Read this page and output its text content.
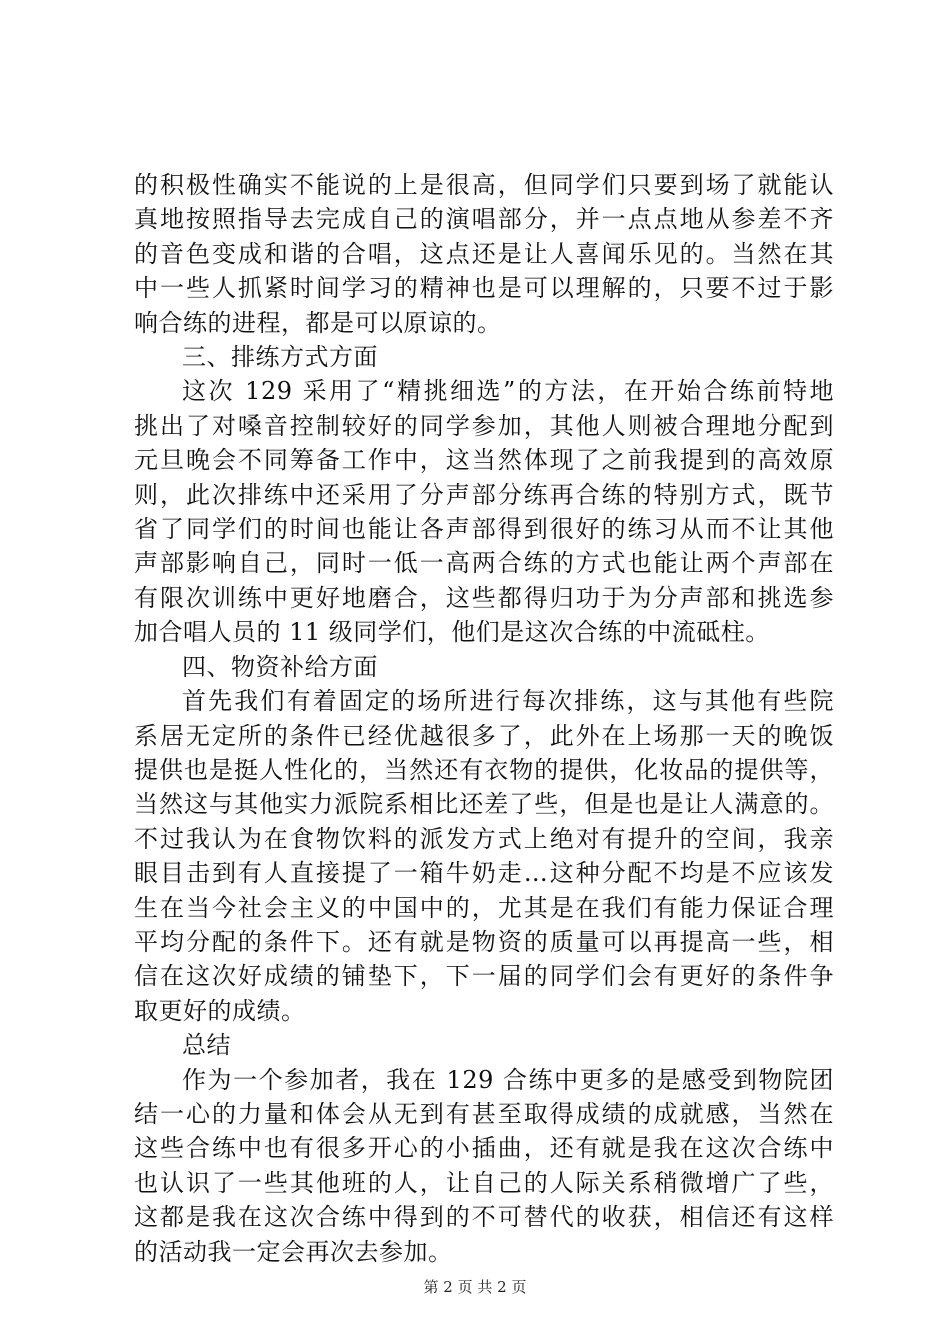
的积极性确实不能说的上是很高，但同学们只要到场了就能认
真地按照指导去完成自己的演唱部分，并一点点地从参差不齐
的音色变成和谐的合唱，这点还是让人喜闻乐见的。当然在其
中一些人抓紧时间学习的精神也是可以理解的，只要不过于影
响合练的进程，都是可以原谅的。
三、排练方式方面
这次 129 采用了“精挑细选”的方法，在开始合练前特地
挑出了对嗓音控制较好的同学参加，其他人则被合理地分配到
元旦晚会不同筹备工作中，这当然体现了之前我提到的高效原
则，此次排练中还采用了分声部分练再合练的特别方式，既节
省了同学们的时间也能让各声部得到很好的练习从而不让其他
声部影响自己，同时一低一高两合练的方式也能让两个声部在
有限次训练中更好地磨合，这些都得归功于为分声部和挑选参
加合唱人员的 11 级同学们，他们是这次合练的中流砥柱。
四、物资补给方面
首先我们有着固定的场所进行每次排练，这与其他有些院
系居无定所的条件已经优越很多了，此外在上场那一天的晚饭
提供也是挺人性化的，当然还有衣物的提供，化妆品的提供等，
当然这与其他实力派院系相比还差了些，但是也是让人满意的。
不过我认为在食物饮料的派发方式上绝对有提升的空间，我亲
眼目击到有人直接提了一箱牛奶走…这种分配不均是不应该发
生在当今社会主义的中国中的，尤其是在我们有能力保证合理
平均分配的条件下。还有就是物资的质量可以再提高一些，相
信在这次好成绩的铺垫下，下一届的同学们会有更好的条件争
取更好的成绩。
总结
作为一个参加者，我在 129 合练中更多的是感受到物院团
结一心的力量和体会从无到有甚至取得成绩的成就感，当然在
这些合练中也有很多开心的小插曲，还有就是我在这次合练中
也认识了一些其他班的人，让自己的人际关系稍微增广了些，
这都是我在这次合练中得到的不可替代的收获，相信还有这样
的活动我一定会再次去参加。
第 2 页 共 2 页
